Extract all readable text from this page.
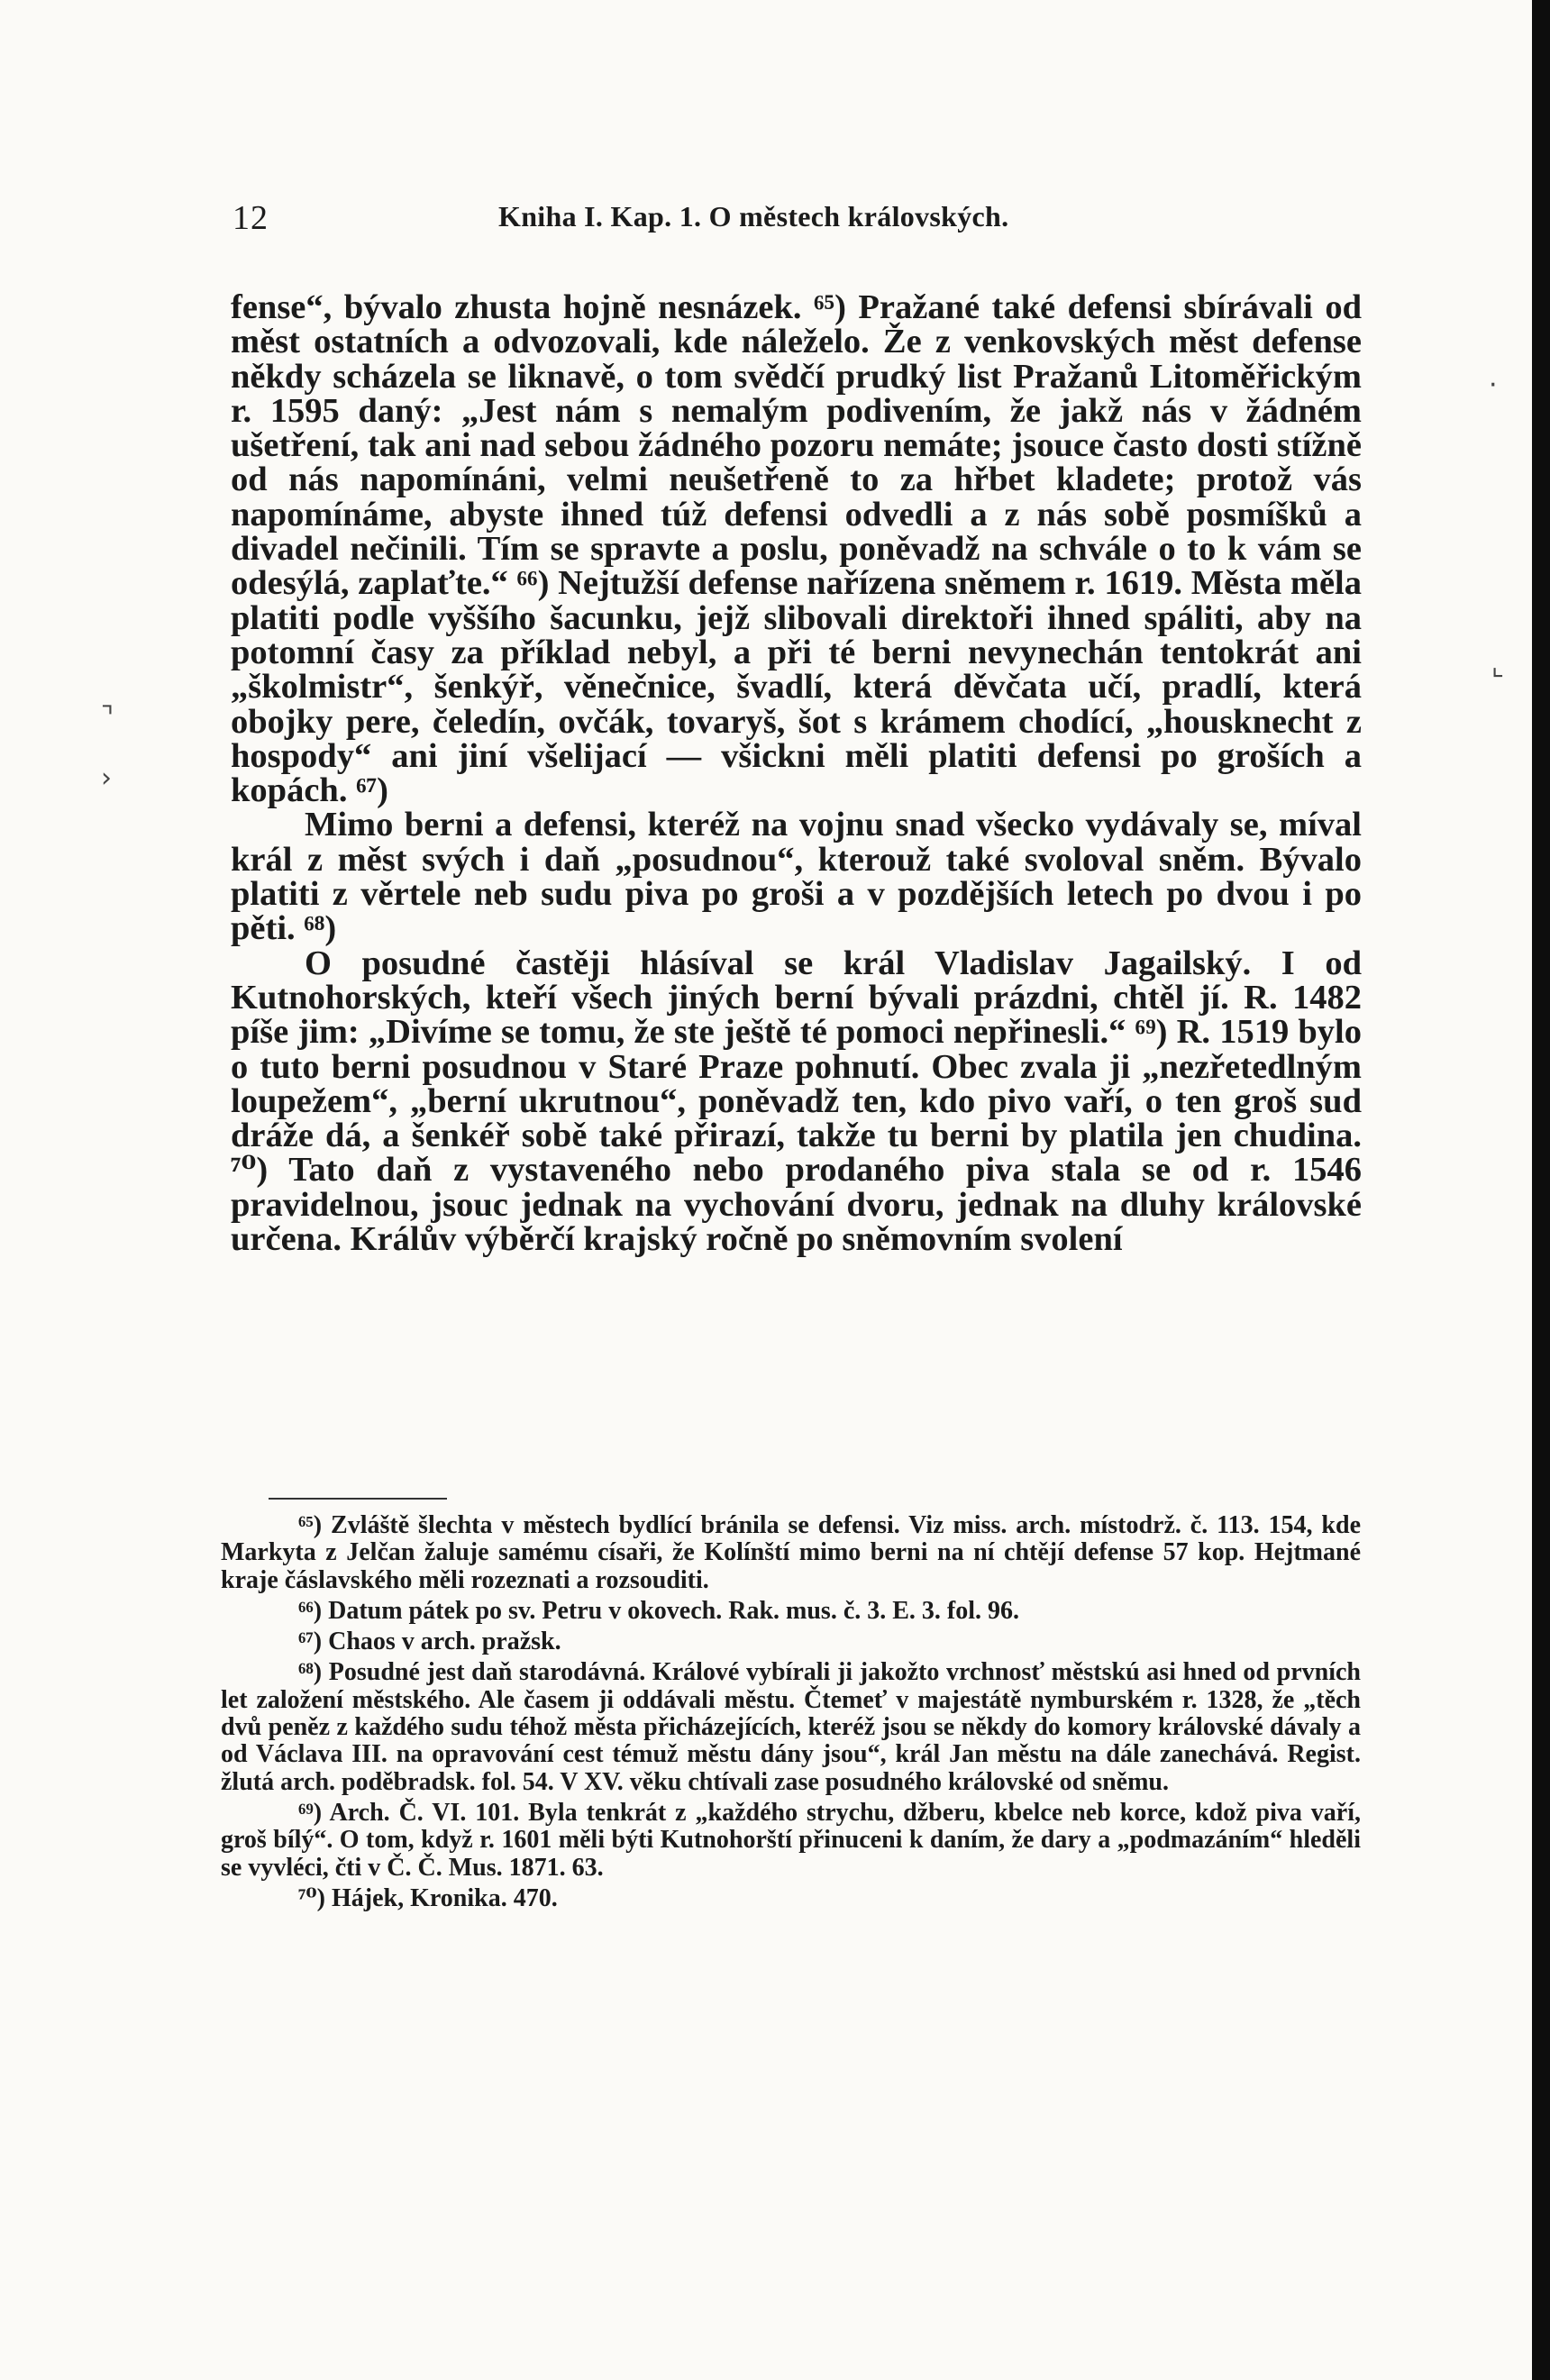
12	Kniha I. Kap. 1. O městech královských.

fense“, bývalo zhusta hojně nesnázek. ⁶⁵) Pražané také defensi sbírávali od měst ostatních a odvozovali, kde náleželo. Že z venkovských měst defense někdy scházela se liknavě, o tom svědčí prudký list Pražanů Litoměřickým r. 1595 daný: „Jest nám s nemalým podivením, že jakž nás v žádném ušetření, tak ani nad sebou žádného pozoru nemáte; jsouce často dosti stížně od nás napomínáni, velmi neušetřeně to za hřbet kladete; protož vás napomínáme, abyste ihned túž defensi odvedli a z nás sobě posmíšků a divadel nečinili. Tím se spravte a poslu, poněvadž na schvále o to k vám se odesýlá, zaplaťte.“ ⁶⁶) Nejtužší defense nařízena sněmem r. 1619. Města měla platiti podle vyššího šacunku, jejž slibovali direktoři ihned spáliti, aby na potomní časy za příklad nebyl, a při té berni nevynechán tentokrát ani „školmistr“, šenkýř, věnečnice, švadlí, která děvčata učí, pradlí, která obojky pere, čeledín, ovčák, tovaryš, šot s krámem chodící, „housknecht z hospody“ ani jiní všelijací — všickni měli platiti defensi po groších a kopách. ⁶⁷)

Mimo berni a defensi, kteréž na vojnu snad všecko vydávaly se, míval král z měst svých i daň „posudnou“, kterouž také svoloval sněm. Bývalo platiti z věrtele neb sudu piva po groši a v pozdějších letech po dvou i po pěti. ⁶⁸)

O posudné častěji hlásíval se král Vladislav Jagailský. I od Kutnohorských, kteří všech jiných berní bývali prázdni, chtěl jí. R. 1482 píše jim: „Divíme se tomu, že ste ještě té pomoci nepřinesli.“ ⁶⁹) R. 1519 bylo o tuto berni posudnou v Staré Praze pohnutí. Obec zvala ji „nezřetedlným loupežem“, „berní ukrutnou“, poněvadž ten, kdo pivo vaří, o ten groš sud dráže dá, a šenkéř sobě také přirazí, takže tu berni by platila jen chudina. ⁷⁰) Tato daň z vystaveného nebo prodaného piva stala se od r. 1546 pravidelnou, jsouc jednak na vychování dvoru, jednak na dluhy královské určena. Králův výběrčí krajský ročně po sněmovním svolení

⁶⁵) Zvláště šlechta v městech bydlící bránila se defensi. Viz miss. arch. místodrž. č. 113. 154, kde Markyta z Jelčan žaluje samému císaři, že Kolínští mimo berni na ní chtějí defense 57 kop. Hejtmané kraje čáslavského měli rozeznati a rozsouditi.

⁶⁶) Datum pátek po sv. Petru v okovech. Rak. mus. č. 3. E. 3. fol. 96.

⁶⁷) Chaos v arch. pražsk.

⁶⁸) Posudné jest daň starodávná. Králové vybírali ji jakožto vrchnosť městskú asi hned od prvních let založení městského. Ale časem ji oddávali městu. Čtemeť v majestátě nymburském r. 1328, že „těch dvů peněz z každého sudu téhož města přicházejících, kteréž jsou se někdy do komory královské dávaly a od Václava III. na opravování cest témuž městu dány jsou“, král Jan městu na dále zanechává. Regist. žlutá arch. poděbradsk. fol. 54. V XV. věku chtívali zase posudného královské od sněmu.

⁶⁹) Arch. Č. VI. 101. Byla tenkrát z „každého strychu, džberu, kbelce neb korce, kdož piva vaří, groš bílý“. O tom, když r. 1601 měli býti Kutnohorští přinuceni k daním, že dary a „podmazáním“ hleděli se vyvléci, čti v Č. Č. Mus. 1871. 63.

⁷⁰) Hájek, Kronika. 470.

⌝
›
·
⌞
